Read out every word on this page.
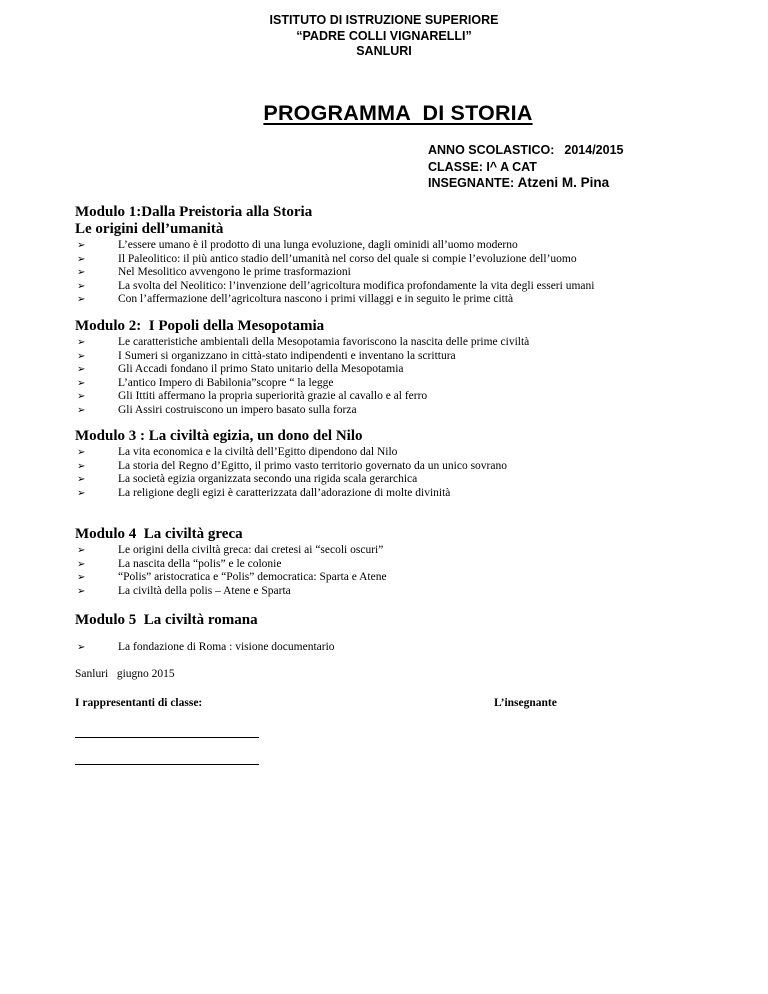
ISTITUTO DI ISTRUZIONE SUPERIORE
“PADRE COLLI VIGNARELLI”
SANLURI
PROGRAMMA  DI STORIA
ANNO SCOLASTICO: 2014/2015
CLASSE: I^ A CAT
INSEGNANTE: Atzeni M. Pina
Modulo 1:Dalla Preistoria alla Storia
Le origini dell’umanità
➢	L’essere umano è il prodotto di una lunga evoluzione, dagli ominidi all’uomo moderno
➢	Il Paleolitico: il più antico stadio dell’umanità nel corso del quale si compie l’evoluzione dell’uomo
➢	Nel Mesolitico avvengono le prime trasformazioni
➢	La svolta del Neolitico: l’invenzione dell’agricoltura modifica profondamente la vita degli esseri umani
➢	Con l’affermazione dell’agricoltura nascono i primi villaggi e in seguito le prime città
Modulo 2:  I Popoli della Mesopotamia
➢	Le caratteristiche ambientali della Mesopotamia favoriscono la nascita delle prime civiltà
➢	I Sumeri si organizzano in città-stato indipendenti e inventano la scrittura
➢	Gli Accadi fondano il primo Stato unitario della Mesopotamia
➢	L’antico Impero di Babilonia”scopre “ la legge
➢	Gli Ittiti affermano la propria superiorità grazie al cavallo e al ferro
➢	Gli Assiri costruiscono un impero basato sulla forza
Modulo 3 : La civiltà egizia, un dono del Nilo
➢	La vita economica e la civiltà dell’Egitto dipendono dal Nilo
➢	La storia del Regno d’Egitto, il primo vasto territorio governato da un unico sovrano
➢	La società egizia organizzata secondo una rigida scala gerarchica
➢	La religione degli egizi è caratterizzata dall’adorazione di molte divinità
Modulo 4  La civiltà greca
➢	Le origini della civiltà greca: dai cretesi ai “secoli oscuri”
➢	La nascita della “polis” e le colonie
➢	“Polis” aristocratica e “Polis” democratica: Sparta e Atene
➢	La civiltà della polis – Atene e Sparta
Modulo 5  La civiltà romana
➢	La fondazione di Roma : visione documentario
Sanluri   giugno 2015
I rappresentanti di classe:	L’insegnante
